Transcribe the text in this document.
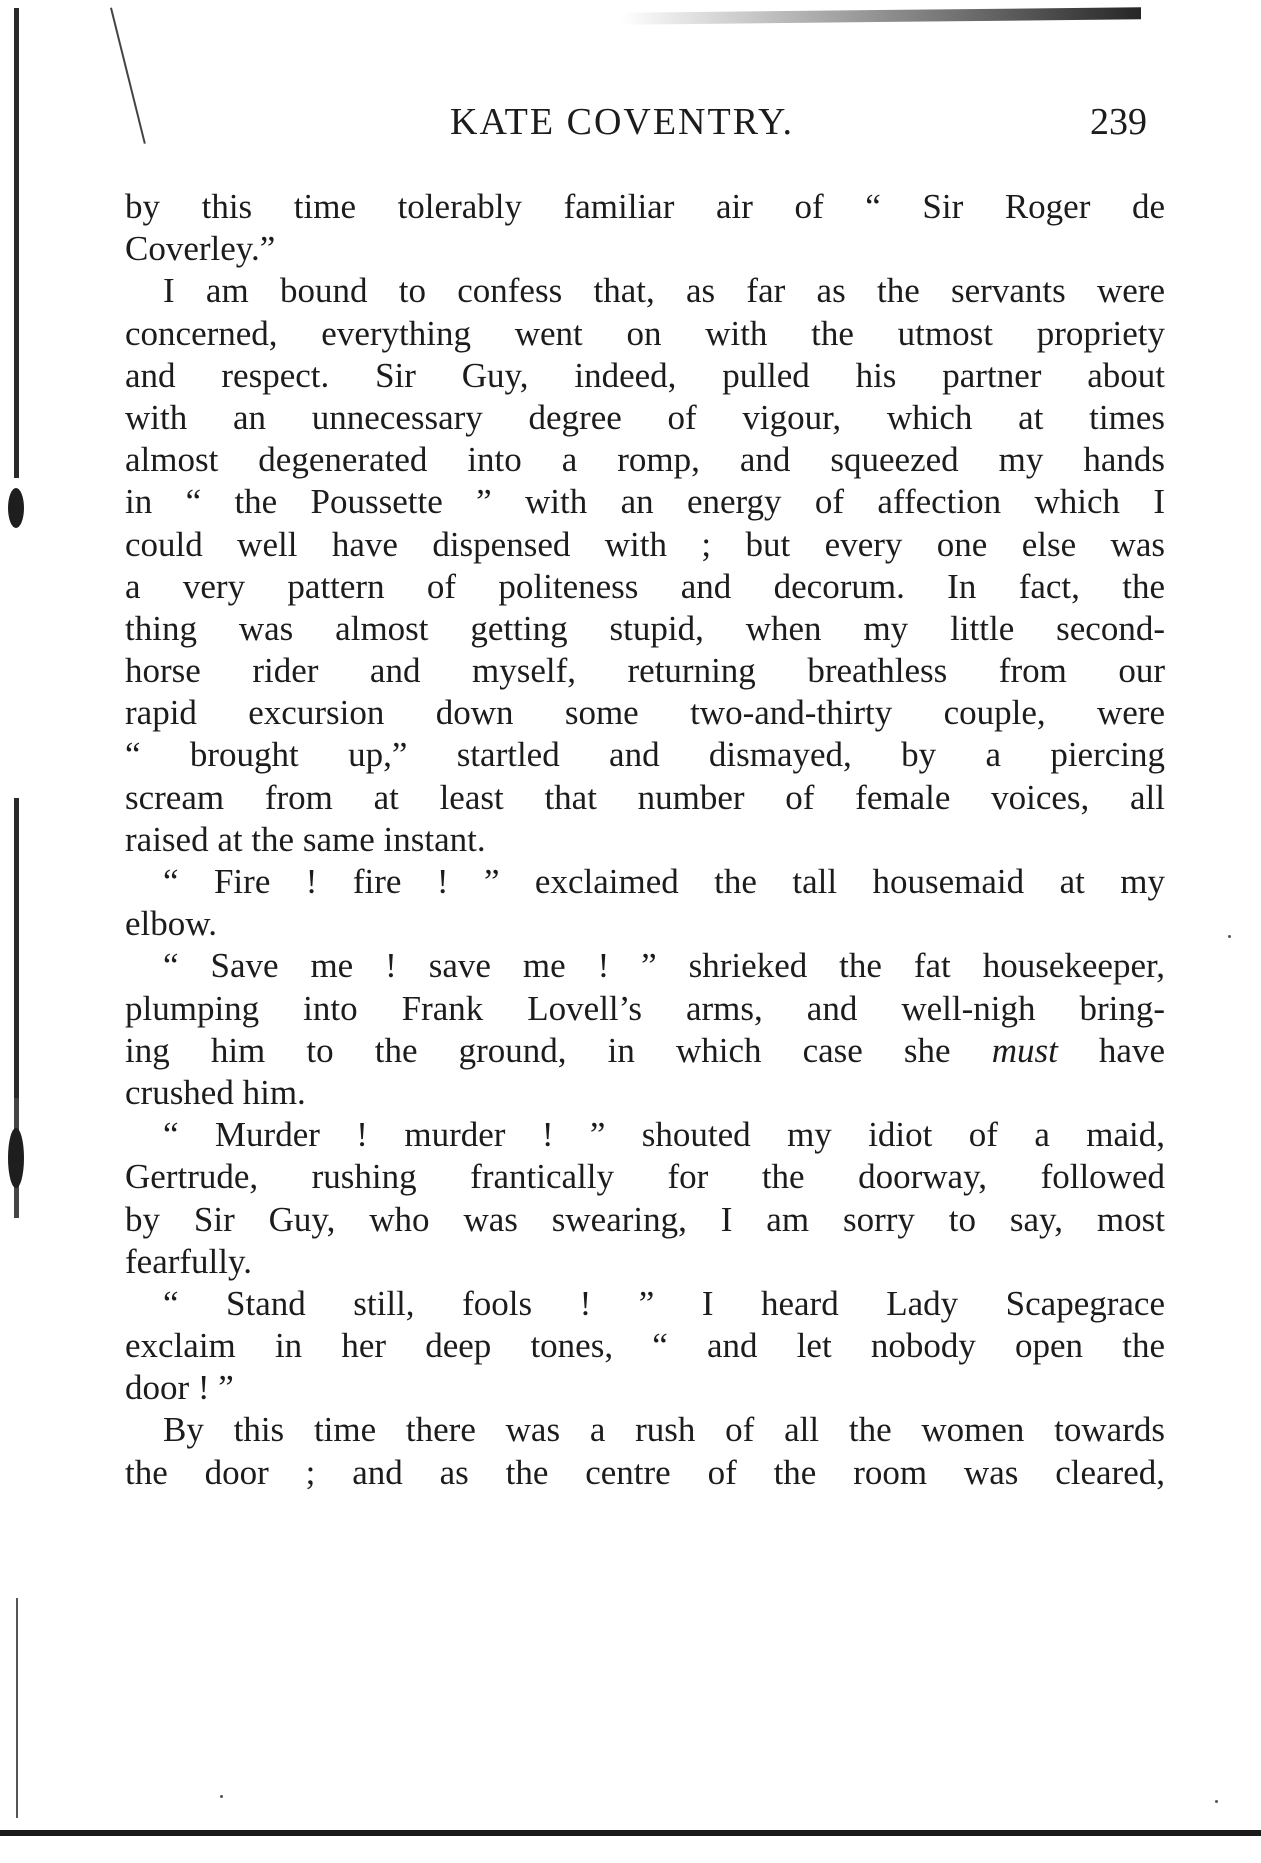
KATE COVENTRY.	239
by this time tolerably familiar air of “ Sir Roger de
Coverley.”
I am bound to confess that, as far as the servants were
concerned, everything went on with the utmost propriety
and respect. Sir Guy, indeed, pulled his partner about
with an unnecessary degree of vigour, which at times
almost degenerated into a romp, and squeezed my hands
in “ the Poussette ” with an energy of affection which I
could well have dispensed with ; but every one else was
a very pattern of politeness and decorum. In fact, the
thing was almost getting stupid, when my little second-
horse rider and myself, returning breathless from our
rapid excursion down some two-and-thirty couple, were
“ brought up,” startled and dismayed, by a piercing
scream from at least that number of female voices, all
raised at the same instant.
“ Fire ! fire ! ” exclaimed the tall housemaid at my
elbow.
“ Save me ! save me ! ” shrieked the fat housekeeper,
plumping into Frank Lovell’s arms, and well-nigh bring-
ing him to the ground, in which case she must have
crushed him.
“ Murder ! murder ! ” shouted my idiot of a maid,
Gertrude, rushing frantically for the doorway, followed
by Sir Guy, who was swearing, I am sorry to say, most
fearfully.
“ Stand still, fools ! ” I heard Lady Scapegrace
exclaim in her deep tones, “ and let nobody open the
door ! ”
By this time there was a rush of all the women towards
the door ; and as the centre of the room was cleared,
